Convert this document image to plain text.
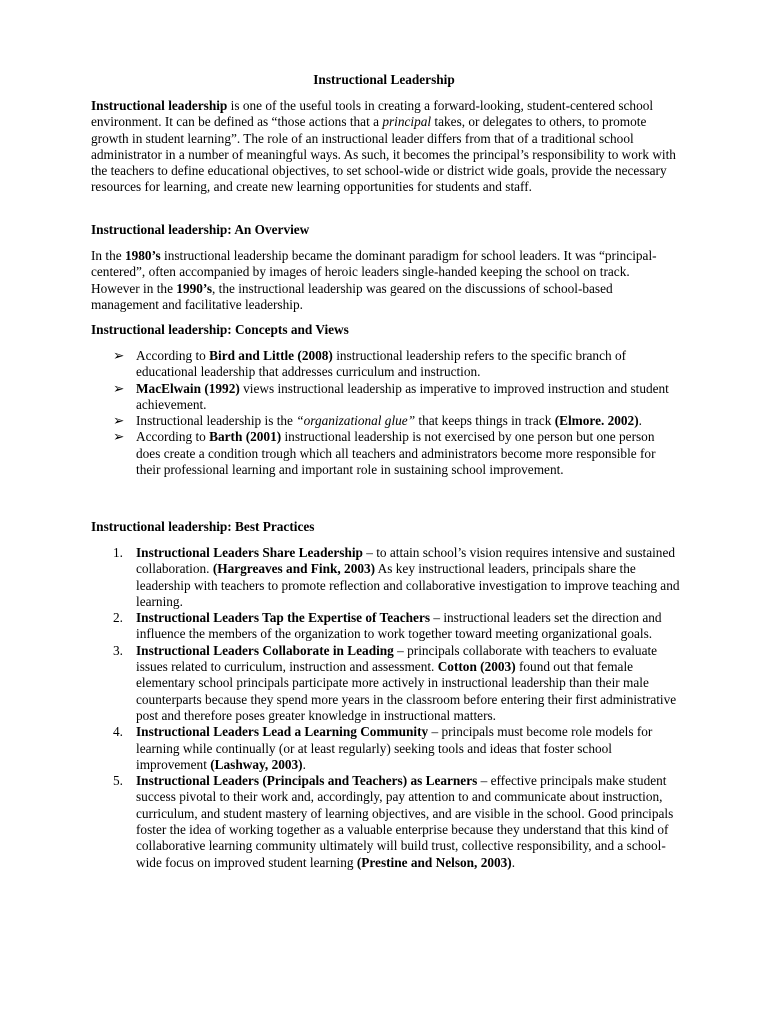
Instructional Leadership

Instructional leadership is one of the useful tools in creating a forward-looking, student-centered school environment. It can be defined as “those actions that a principal takes, or delegates to others, to promote growth in student learning”. The role of an instructional leader differs from that of a traditional school administrator in a number of meaningful ways. As such, it becomes the principal’s responsibility to work with the teachers to define educational objectives, to set school-wide or district wide goals, provide the necessary resources for learning, and create new learning opportunities for students and staff.

Instructional leadership: An Overview

In the 1980’s instructional leadership became the dominant paradigm for school leaders. It was “principal-centered”, often accompanied by images of heroic leaders single-handed keeping the school on track. However in the 1990’s, the instructional leadership was geared on the discussions of school-based management and facilitative leadership.

Instructional leadership: Concepts and Views
➢ According to Bird and Little (2008) instructional leadership refers to the specific branch of educational leadership that addresses curriculum and instruction.
➢ MacElwain (1992) views instructional leadership as imperative to improved instruction and student achievement.
➢ Instructional leadership is the “organizational glue” that keeps things in track (Elmore. 2002).
➢ According to Barth (2001) instructional leadership is not exercised by one person but one person does create a condition trough which all teachers and administrators become more responsible for their professional learning and important role in sustaining school improvement.
Instructional leadership: Best Practices
1. Instructional Leaders Share Leadership – to attain school’s vision requires intensive and sustained collaboration. (Hargreaves and Fink, 2003) As key instructional leaders, principals share the leadership with teachers to promote reflection and collaborative investigation to improve teaching and learning.
2. Instructional Leaders Tap the Expertise of Teachers – instructional leaders set the direction and influence the members of the organization to work together toward meeting organizational goals.
3. Instructional Leaders Collaborate in Leading – principals collaborate with teachers to evaluate issues related to curriculum, instruction and assessment. Cotton (2003) found out that female elementary school principals participate more actively in instructional leadership than their male counterparts because they spend more years in the classroom before entering their first administrative post and therefore poses greater knowledge in instructional matters.
4. Instructional Leaders Lead a Learning Community – principals must become role models for learning while continually (or at least regularly) seeking tools and ideas that foster school improvement (Lashway, 2003).
5. Instructional Leaders (Principals and Teachers) as Learners – effective principals make student success pivotal to their work and, accordingly, pay attention to and communicate about instruction, curriculum, and student mastery of learning objectives, and are visible in the school. Good principals foster the idea of working together as a valuable enterprise because they understand that this kind of collaborative learning community ultimately will build trust, collective responsibility, and a school-wide focus on improved student learning (Prestine and Nelson, 2003).
